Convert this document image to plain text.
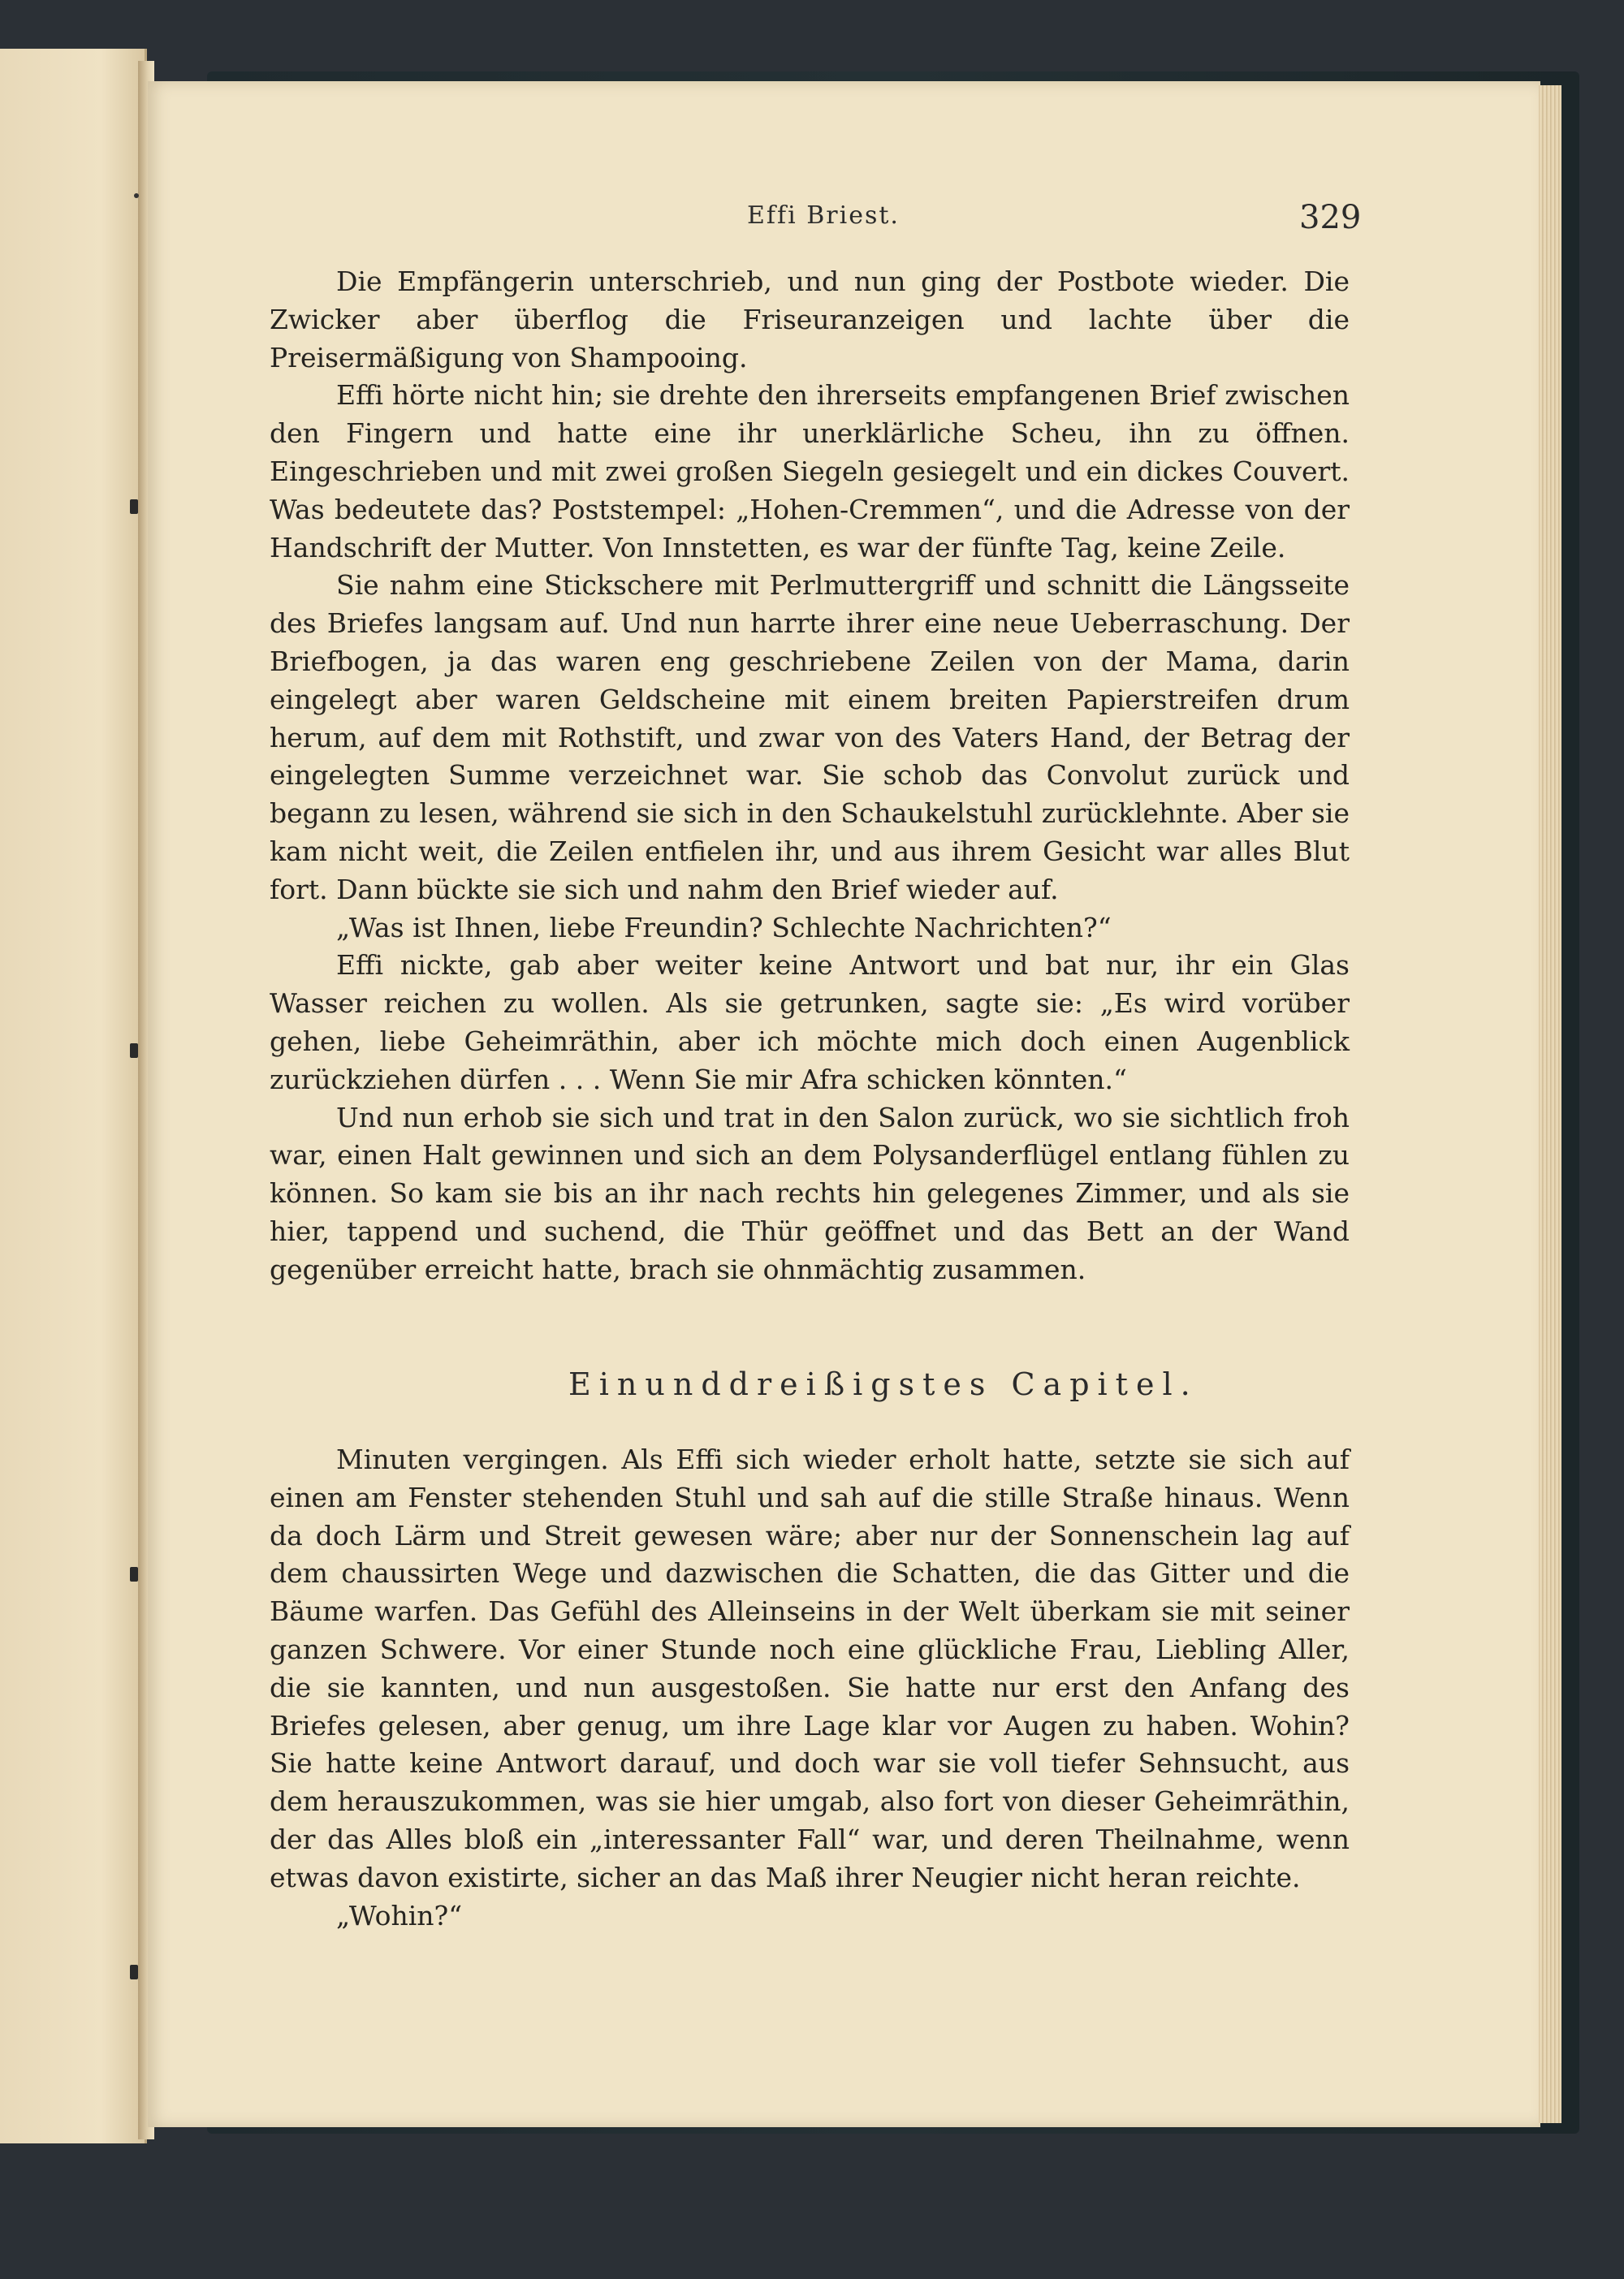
Effi Briest.	329

Die Empfängerin unterschrieb, und nun ging der Postbote wieder. Die Zwicker aber überflog die Friseuranzeigen und lachte über die Preisermäßigung von Shampooing.

Effi hörte nicht hin; sie drehte den ihrerseits empfangenen Brief zwischen den Fingern und hatte eine ihr unerklärliche Scheu, ihn zu öffnen. Eingeschrieben und mit zwei großen Siegeln gesiegelt und ein dickes Couvert. Was bedeutete das? Poststempel: „Hohen-Cremmen“, und die Adresse von der Handschrift der Mutter. Von Innstetten, es war der fünfte Tag, keine Zeile.

Sie nahm eine Stickschere mit Perlmuttergriff und schnitt die Längsseite des Briefes langsam auf. Und nun harrte ihrer eine neue Ueberraschung. Der Briefbogen, ja das waren eng geschriebene Zeilen von der Mama, darin eingelegt aber waren Geldscheine mit einem breiten Papierstreifen drum herum, auf dem mit Rothstift, und zwar von des Vaters Hand, der Betrag der eingelegten Summe verzeichnet war. Sie schob das Convolut zurück und begann zu lesen, während sie sich in den Schaukelstuhl zurücklehnte. Aber sie kam nicht weit, die Zeilen entfielen ihr, und aus ihrem Gesicht war alles Blut fort. Dann bückte sie sich und nahm den Brief wieder auf.

„Was ist Ihnen, liebe Freundin? Schlechte Nachrichten?“

Effi nickte, gab aber weiter keine Antwort und bat nur, ihr ein Glas Wasser reichen zu wollen. Als sie getrunken, sagte sie: „Es wird vorüber gehen, liebe Geheimräthin, aber ich möchte mich doch einen Augenblick zurückziehen dürfen . . . Wenn Sie mir Afra schicken könnten.“

Und nun erhob sie sich und trat in den Salon zurück, wo sie sichtlich froh war, einen Halt gewinnen und sich an dem Polysanderflügel entlang fühlen zu können. So kam sie bis an ihr nach rechts hin gelegenes Zimmer, und als sie hier, tappend und suchend, die Thür geöffnet und das Bett an der Wand gegenüber erreicht hatte, brach sie ohnmächtig zusammen.

Einunddreißigstes Capitel.

Minuten vergingen. Als Effi sich wieder erholt hatte, setzte sie sich auf einen am Fenster stehenden Stuhl und sah auf die stille Straße hinaus. Wenn da doch Lärm und Streit gewesen wäre; aber nur der Sonnenschein lag auf dem chaussirten Wege und dazwischen die Schatten, die das Gitter und die Bäume warfen. Das Gefühl des Alleinseins in der Welt überkam sie mit seiner ganzen Schwere. Vor einer Stunde noch eine glückliche Frau, Liebling Aller, die sie kannten, und nun ausgestoßen. Sie hatte nur erst den Anfang des Briefes gelesen, aber genug, um ihre Lage klar vor Augen zu haben. Wohin? Sie hatte keine Antwort darauf, und doch war sie voll tiefer Sehnsucht, aus dem herauszukommen, was sie hier umgab, also fort von dieser Geheimräthin, der das Alles bloß ein „interessanter Fall“ war, und deren Theilnahme, wenn etwas davon existirte, sicher an das Maß ihrer Neugier nicht heran reichte.

„Wohin?“
